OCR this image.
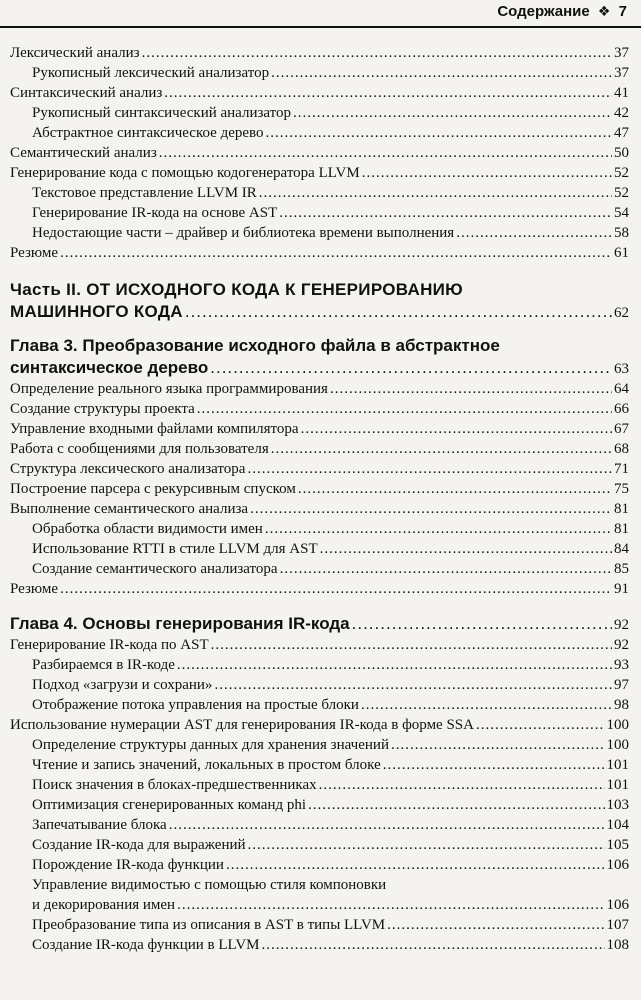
Содержание ❖ 7
Лексический анализ .....	37
Рукописный лексический анализатор .....	37
Синтаксический анализ .....	41
Рукописный синтаксический анализатор .....	42
Абстрактное синтаксическое дерево .....	47
Семантический анализ .....	50
Генерирование кода с помощью кодогенератора LLVM .....	52
Текстовое представление LLVM IR .....	52
Генерирование IR-кода на основе AST .....	54
Недостающие части – драйвер и библиотека времени выполнения .....	58
Резюме .....	61
Часть II. ОТ ИСХОДНОГО КОДА К ГЕНЕРИРОВАНИЮ
МАШИННОГО КОДА .....	62
Глава 3. Преобразование исходного файла в абстрактное
синтаксическое дерево .....	63
Определение реального языка программирования .....	64
Создание структуры проекта .....	66
Управление входными файлами компилятора .....	67
Работа с сообщениями для пользователя .....	68
Структура лексического анализатора .....	71
Построение парсера с рекурсивным спуском .....	75
Выполнение семантического анализа .....	81
Обработка области видимости имен .....	81
Использование RTTI в стиле LLVM для AST .....	84
Создание семантического анализатора .....	85
Резюме .....	91
Глава 4. Основы генерирования IR-кода .....	92
Генерирование IR-кода по AST .....	92
Разбираемся в IR-коде .....	93
Подход «загрузи и сохрани» .....	97
Отображение потока управления на простые блоки .....	98
Использование нумерации AST для генерирования IR-кода в форме SSA .....	100
Определение структуры данных для хранения значений .....	100
Чтение и запись значений, локальных в простом блоке .....	101
Поиск значения в блоках-предшественниках .....	101
Оптимизация сгенерированных команд phi .....	103
Запечатывание блока .....	104
Создание IR-кода для выражений .....	105
Порождение IR-кода функции .....	106
Управление видимостью с помощью стиля компоновки
и декорирования имен .....	106
Преобразование типа из описания в AST в типы LLVM .....	107
Создание IR-кода функции в LLVM .....	108
